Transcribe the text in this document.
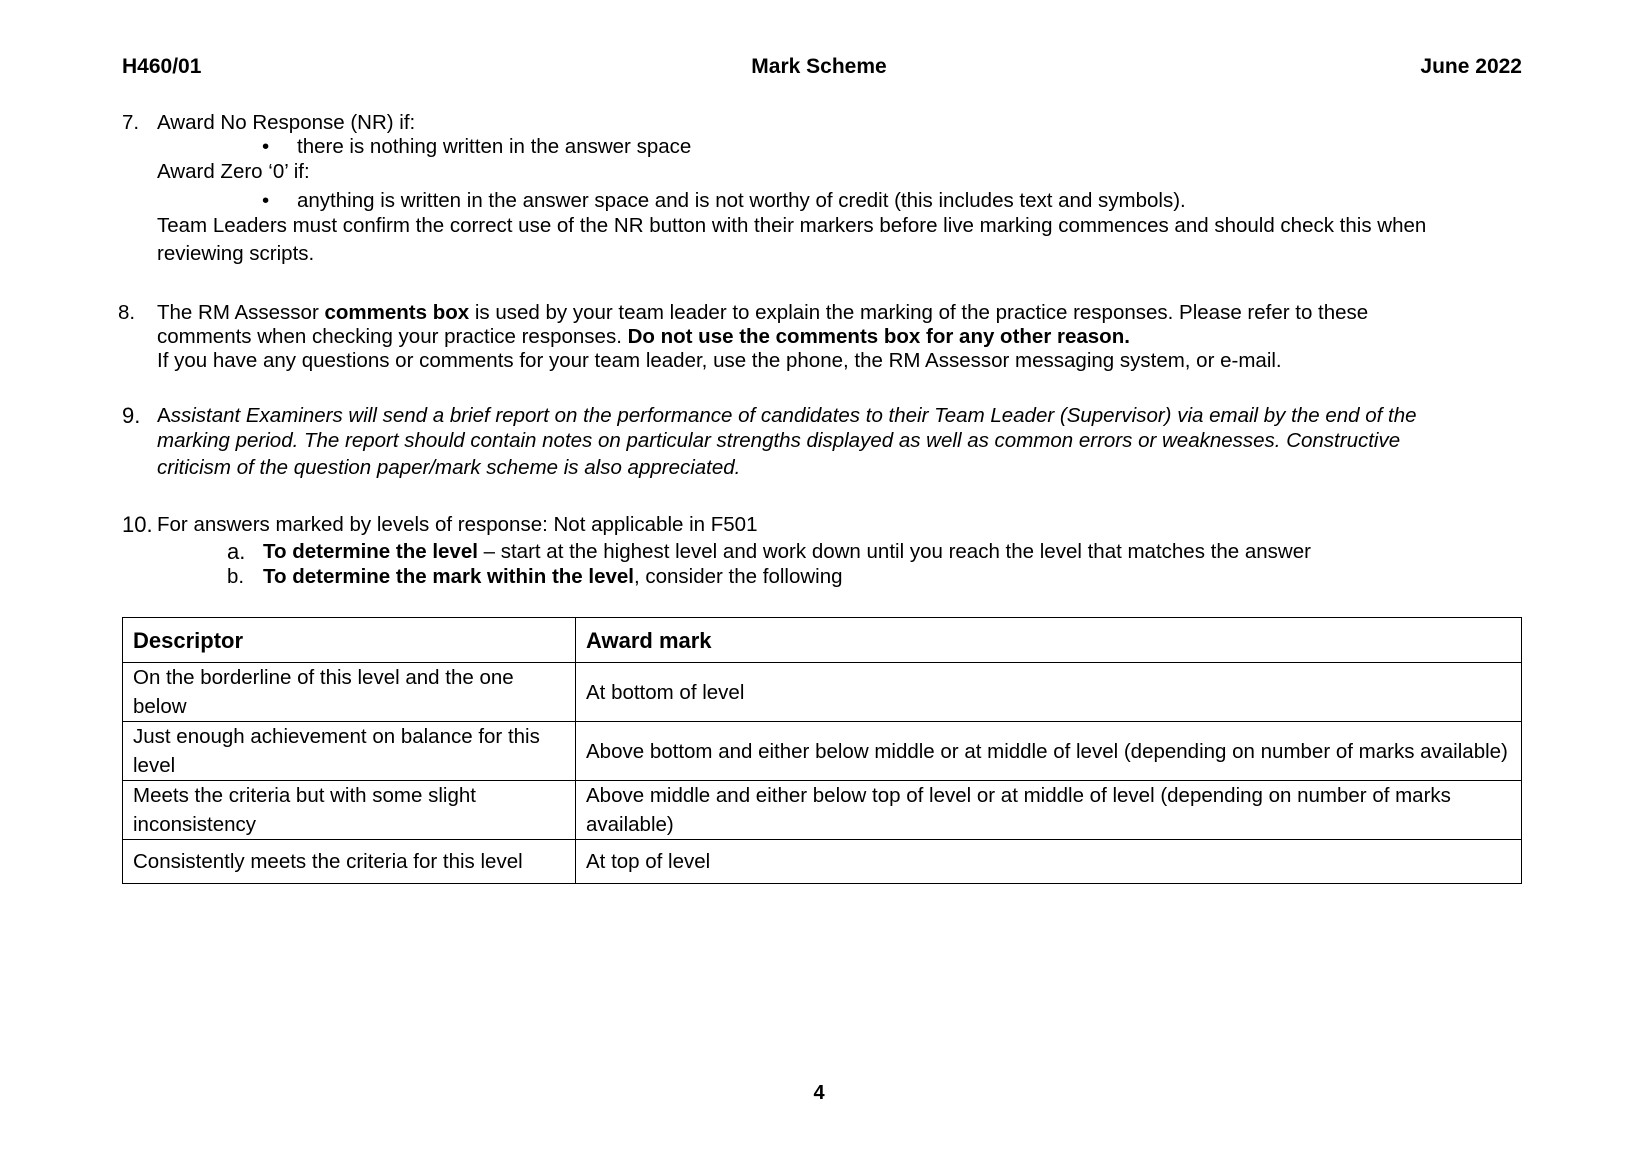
H460/01	Mark Scheme	June 2022
7. Award No Response (NR) if:
• there is nothing written in the answer space
Award Zero ‘0’ if:
• anything is written in the answer space and is not worthy of credit (this includes text and symbols).
Team Leaders must confirm the correct use of the NR button with their markers before live marking commences and should check this when
reviewing scripts.
8. The RM Assessor comments box is used by your team leader to explain the marking of the practice responses. Please refer to these
comments when checking your practice responses. Do not use the comments box for any other reason.
If you have any questions or comments for your team leader, use the phone, the RM Assessor messaging system, or e-mail.
9. Assistant Examiners will send a brief report on the performance of candidates to their Team Leader (Supervisor) via email by the end of the
marking period. The report should contain notes on particular strengths displayed as well as common errors or weaknesses. Constructive
criticism of the question paper/mark scheme is also appreciated.
10. For answers marked by levels of response: Not applicable in F501
a. To determine the level – start at the highest level and work down until you reach the level that matches the answer
b. To determine the mark within the level, consider the following
Descriptor	Award mark
On the borderline of this level and the one below	At bottom of level
Just enough achievement on balance for this level	Above bottom and either below middle or at middle of level (depending on number of marks available)
Meets the criteria but with some slight inconsistency	Above middle and either below top of level or at middle of level (depending on number of marks available)
Consistently meets the criteria for this level	At top of level
4
